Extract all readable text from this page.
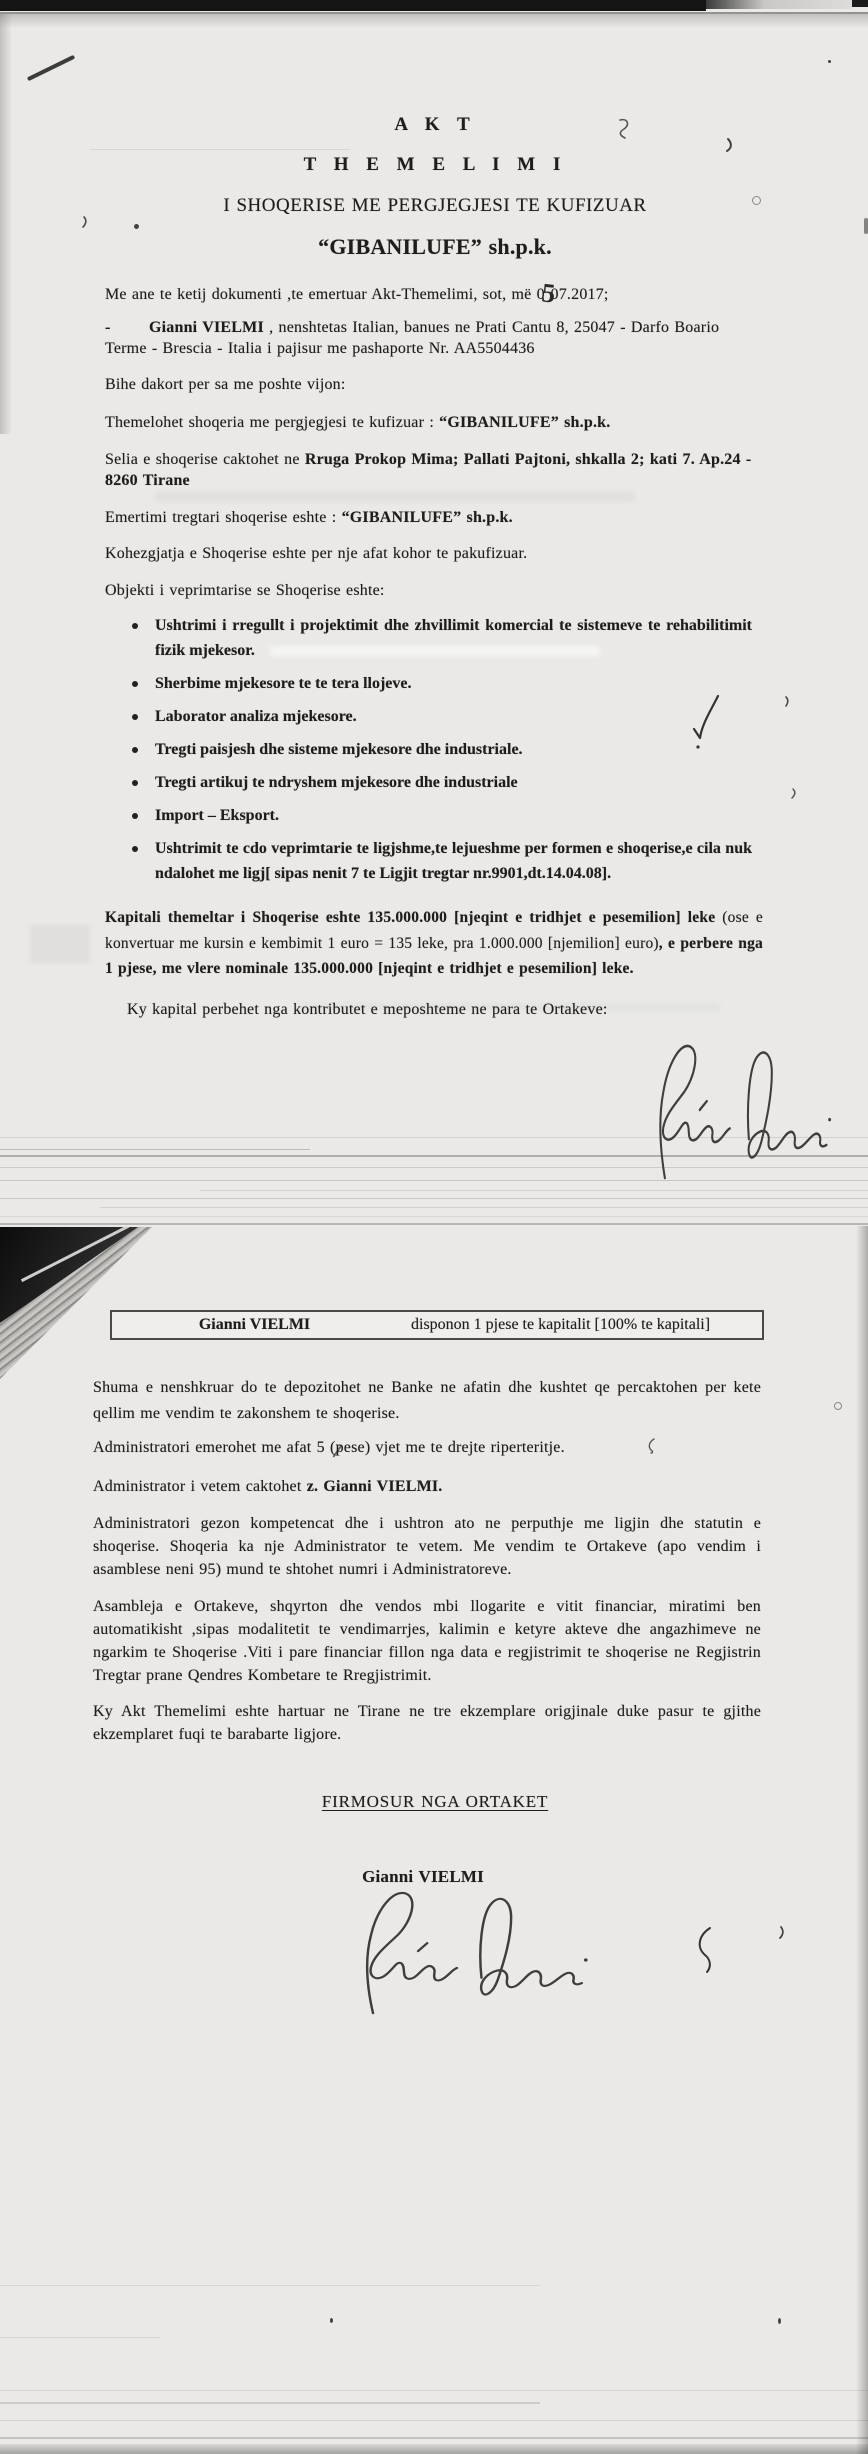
A K T
T H E M E L I M I
I SHOQERISE ME PERGJEGJESI TE KUFIZUAR
“GIBANILUFE” sh.p.k.
Me ane te ketij dokumenti ,te emertuar Akt-Themelimi, sot, më 0507.2017;
- Gianni VIELMI , nenshtetas Italian, banues ne Prati Cantu 8, 25047 - Darfo Boario
Terme - Brescia - Italia i pajisur me pashaporte Nr. AA5504436
Bihe dakort per sa me poshte vijon:
Themelohet shoqeria me pergjegjesi te kufizuar : “GIBANILUFE” sh.p.k.
Selia e shoqerise caktohet ne Rruga Prokop Mima; Pallati Pajtoni, shkalla 2; kati 7. Ap.24 -
8260 Tirane
Emertimi tregtari shoqerise eshte : “GIBANILUFE” sh.p.k.
Kohezgjatja e Shoqerise eshte per nje afat kohor te pakufizuar.
Objekti i veprimtarise se Shoqerise eshte:
Ushtrimi i rregullt i projektimit dhe zhvillimit komercial te sistemeve te rehabilitimit fizik mjekesor.
Sherbime mjekesore te te tera llojeve.
Laborator analiza mjekesore.
Tregti paisjesh dhe sisteme mjekesore dhe industriale.
Tregti artikuj te ndryshem mjekesore dhe industriale
Import – Eksport.
Ushtrimit te cdo veprimtarie te ligjshme,te lejueshme per formen e shoqerise,e cila nuk ndalohet me ligj[ sipas nenit 7 te Ligjit tregtar nr.9901,dt.14.04.08].
Kapitali themeltar i Shoqerise eshte 135.000.000 [njeqint e tridhjet e pesemilion] leke (ose e konvertuar me kursin e kembimit 1 euro = 135 leke, pra 1.000.000 [njemilion] euro), e perbere nga 1 pjese, me vlere nominale 135.000.000 [njeqint e tridhjet e pesemilion] leke.
Ky kapital perbehet nga kontributet e meposhteme ne para te Ortakeve:
Gianni VIELMI	disponon 1 pjese te kapitalit [100% te kapitali]
Shuma e nenshkruar do te depozitohet ne Banke ne afatin dhe kushtet qe percaktohen per kete qellim me vendim te zakonshem te shoqerise.
Administratori emerohet me afat 5 (pese) vjet me te drejte riperteritje.
Administrator i vetem caktohet z. Gianni VIELMI.
Administratori gezon kompetencat dhe i ushtron ato ne perputhje me ligjin dhe statutin e shoqerise. Shoqeria ka nje Administrator te vetem. Me vendim te Ortakeve (apo vendim i asamblese neni 95) mund te shtohet numri i Administratoreve.
Asambleja e Ortakeve, shqyrton dhe vendos mbi llogarite e vitit financiar, miratimi ben automatikisht ,sipas modalitetit te vendimarrjes, kalimin e ketyre akteve dhe angazhimeve ne ngarkim te Shoqerise .Viti i pare financiar fillon nga data e regjistrimit te shoqerise ne Regjistrin Tregtar prane Qendres Kombetare te Rregjistrimit.
Ky Akt Themelimi eshte hartuar ne Tirane ne tre ekzemplare origjinale duke pasur te gjithe ekzemplaret fuqi te barabarte ligjore.
FIRMOSUR NGA ORTAKET
Gianni VIELMI
